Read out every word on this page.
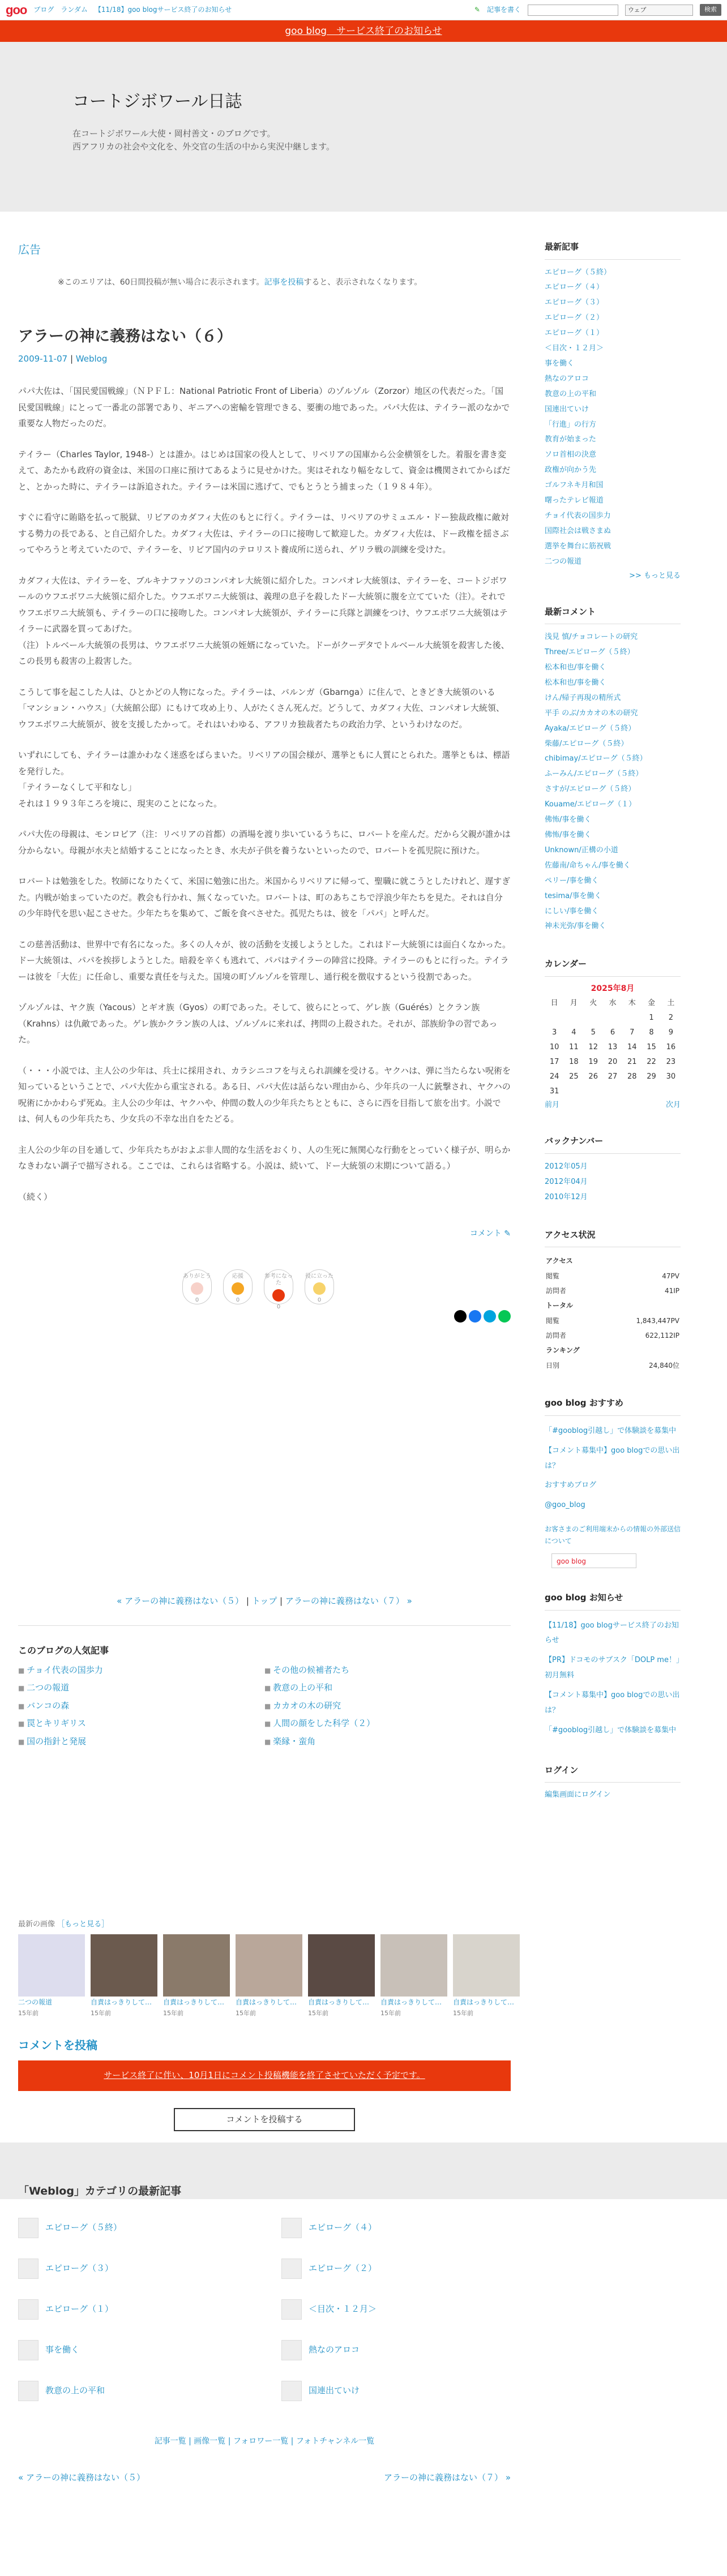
goo ブログ ランダム 【11/18】goo blogサービス終了のお知らせ	✎ 記事を書く	ウェブ	検索
goo blog　サービス終了のお知らせ
コートジボワール日誌

在コートジボワール大使・岡村善文・のブログです。

西アフリカの社会や文化を、外交官の生活の中から実況中継します。

広告
※このエリアは、60日間投稿が無い場合に表示されます。記事を投稿すると、表示されなくなります。
アラーの神に義務はない（６）
2009-11-07 | Weblog

パパ大佐は、「国民愛国戦線」（ＮＰＦＬ：National Patriotic Front of Liberia）のゾルゾル（Zorzor）地区の代表だった。「国民愛国戦線」にとって一番北の部署であり、ギニアへの密輸を管理できる、要衝の地であった。パパ大佐は、テイラー派のなかで重要な人物だったのだ。

テイラー（Charles Taylor, 1948-）とは誰か。はじめは国家の役人として、リベリアの国庫から公金横領をした。着服を書き変えて、あたかも政府の資金は、米国の口座に預けてあるように見せかけた。実はそれなり幅をなして、資金は機関されてからばだと、とかった時に、テイラーは訴追された。テイラーは米国に逃げて、でもとうとう捕まった（１９８４年）。

すぐに看守に賄賂を払って脱獄、リビアのカダフィ大佐のもとに行く。テイラーは、リベリアのサミュエル・ドー独裁政権に敵対する勢力の長である、と自己紹介した。カダフィ大佐は、テイラーの口に接吻して歓迎した。カダフィ大佐は、ドー政権を揺さぶってやろうと考えていたので、テイラーを、リビア国内のテロリスト養成所に送られ、ゲリラ戦の訓練を受けた。

カダフィ大佐は、テイラーを、ブルキナファソのコンパオレ大統領に紹介した。コンパオレ大統領は、テイラーを、コートジボワールのウフエボワニ大統領に紹介した。ウフエボワニ大統領は、義理の息子を殺したドー大統領に腹を立てていた（注）。それでウフエボワニ大統領も、テイラーの口に接吻した。コンパオレ大統領が、テイラーに兵隊と訓練をつけ、ウフエボワニ大統領はテイラーに武器を買ってあげた。
（注）トルベール大統領の長男は、ウフエボワニ大統領の姪婿になっていた。ドーがクーデタでトルベール大統領を殺害した後、この長男も殺害の上殺害した。

こうして事を起こした人は、ひとかどの人物になった。テイラーは、バルンガ（Gbarnga）に住んで、ときどき大統領のいる「マンション・ハウス」（大統館公邸）にもけて攻め上り、人がたくさん死んだ。どうして、カダフィ大佐、コンパオレ大統領、ウフエボワニ大統領が、彼を支援したかって。それはいわゆる、アフリカ独裁者たちの政治力学、というわけなのだ。

いずれにしても、テイラーは誰かわなく迷惑をばらまいた。リベリアの国会様が、選挙ともに人質にとられた。選挙ともは、標語を発行した。
「テイラーなくして平和なし」
それは１９９３年ころを境に、現実のことになった。

パパ大佐の母親は、モンロビア（注：リベリアの首都）の酒場を渡り歩いているうちに、ロバートを産んだ。だから父親が誰かは分からない。母親が水夫と結婚することになったとき、水夫が子供を養うないといったので、ロバートを孤児院に預けた。

ロバートは勉強をした。牧師になりたくて、米国に勉強に出た。米国からリベリアに帰って、聖職に就こうとしたけれど、遅すぎた。内戦が始まっていたのだ。教会も行かれ、無くなっていた。ロバートは、町のあちこちで浮浪少年たちを見た。それは自分の少年時代を思い起こさせた。少年たちを集めて、ご飯を食べさせた。孤児たちは、彼を「パパ」と呼んだ。

この慈善活動は、世界中で有名になった。多くの人々が、彼の活動を支援しようとした。これはドー大統領には面白くなかった。ドー大統領は、パパを挨拶しようとした。暗殺を辛くも逃れて、パパはテイラーの陣営に投降。テイラーのもとに行った。テイラーは彼を「大佐」に任命し、重要な責任を与えた。国境の町ゾルゾルを管理し、通行税を徴収するという役割であった。

ゾルゾルは、ヤク族（Yacous）とギオ族（Gyos）の町であった。そして、彼らにとって、ゲレ族（Guérés）とクラン族（Krahns）は仇敵であった。ゲレ族かクラン族の人は、ゾルゾルに来れば、拷問の上殺された。それが、部族紛争の習であった。

（・・・小説では、主人公の少年は、兵士に採用され、カラシニコフを与えられ訓練を受ける。ヤクハは、弾に当たらない呪術を知っているということで、パパ大佐から重宝される。ある日、パパ大佐は話らない理由から、少年兵の一人に銃撃され、ヤクハの呪術にかかわらず死ぬ。主人公の少年は、ヤクハや、仲間の数人の少年兵たちとともに、さらに西を目指して旅を出す。小説では、何人もの少年兵たち、少女兵の不幸な出自をたどる。

主人公の少年の目を通して、少年兵たちがおよぶ非人間的な生活をおくり、人の生死に無関心な行動をとっていく様子が、明らかなきわない調子で描写される。ここでは、これらは省略する。小説は、続いて、ドー大統領の末期について語る。）

（続く）

コメント ✎
ありがとう
0
応援
0
参考になった
0
役に立った
0
« アラーの神に義務はない（５） | トップ | アラーの神に義務はない（７） »
このブログの人気記事
■ チョイ代表の国歩力	■ その他の候補者たち
■ 二つの報道	■ 教意の上の平和
■ バンコの森	■ カカオの木の研究
■ 罠とキリギリス	■ 人間の顔をした科学（２）
■ 国の指針と発展	■ 楽縁・蛮角
最新の画像 ［もっと見る］
二つの報道
15年前
自責はっきりして…
15年前
自責はっきりして…
15年前
自責はっきりして…
15年前
自責はっきりして…
15年前
自責はっきりして…
15年前
自責はっきりして…
15年前
コメントを投稿
サービス終了に伴い、10月1日にコメント投稿機能を終了させていただく予定です。
コメントを投稿する
最新記事
エピローグ（５終）
エピローグ（４）
エピローグ（３）
エピローグ（２）
エピローグ（１）
＜目次・１２月＞
事を働く
熱なのアロコ
教意の上の平和
国連出ていけ
「行進」の行方
教育が始まった
ソロ首相の決意
政権が向かう先
ゴルフネキ月和国
曙ったテレビ報道
チョイ代表の国歩力
国際社会は戦さまぬ
選挙を舞台に筋祝戦
二つの報道
>> もっと見る
最新コメント
浅見 慎/チョコレートの研究
Three/エピローグ（５終）
松本和也/事を働く
松本和也/事を働く
けん/帰子再現の精所式
平手 のぶ/カカオの木の研究
Ayaka/エピローグ（５終）
柴藤/エピローグ（５終）
chibimay/エピローグ（５終）
ふーみん/エピローグ（５終）
さすが/エピローグ（５終）
Kouame/エピローグ（１）
佛怖/事を働く
佛怖/事を働く
Unknown/正構の小道
佐藤南/命ちゃん/事を働く
ペリー/事を働く
tesima/事を働く
にしい/事を働く
神未光弥/事を働く
カレンダー
2025年8月
日	月	火	水	木	金	土
					1	2
3	4	5	6	7	8	9
10	11	12	13	14	15	16
17	18	19	20	21	22	23
24	25	26	27	28	29	30
31						
前月	次月
バックナンバー
2012年05月
2012年04月
2010年12月
アクセス状況
アクセス	
閲覧	47PV
訪問者	41IP
トータル	
閲覧	1,843,447PV
訪問者	622,112IP
ランキング	
日別	24,840位
goo blog おすすめ
「#gooblog引越し」で体験談を募集中
【コメント募集中】goo blogでの思い出は？
おすすめブログ
@goo_blog

お客さまのご利用端末からの情報の外部送信について

goo blog
goo blog お知らせ
【11/18】goo blogサービス終了のお知らせ
【PR】ドコモのサブスク「DOLP me！」初月無料
【コメント募集中】goo blogでの思い出は？
「#gooblog引越し」で体験談を募集中
ログイン
編集画面にログイン
「Weblog」カテゴリの最新記事
エピローグ（５終）	エピローグ（４）
エピローグ（３）	エピローグ（２）
エピローグ（１）	＜目次・１２月＞
事を働く	熱なのアロコ
教意の上の平和	国連出ていけ
記事一覧 | 画像一覧 | フォロワー一覧 | フォトチャンネル一覧
« アラーの神に義務はない（５）	アラーの神に義務はない（７） »
